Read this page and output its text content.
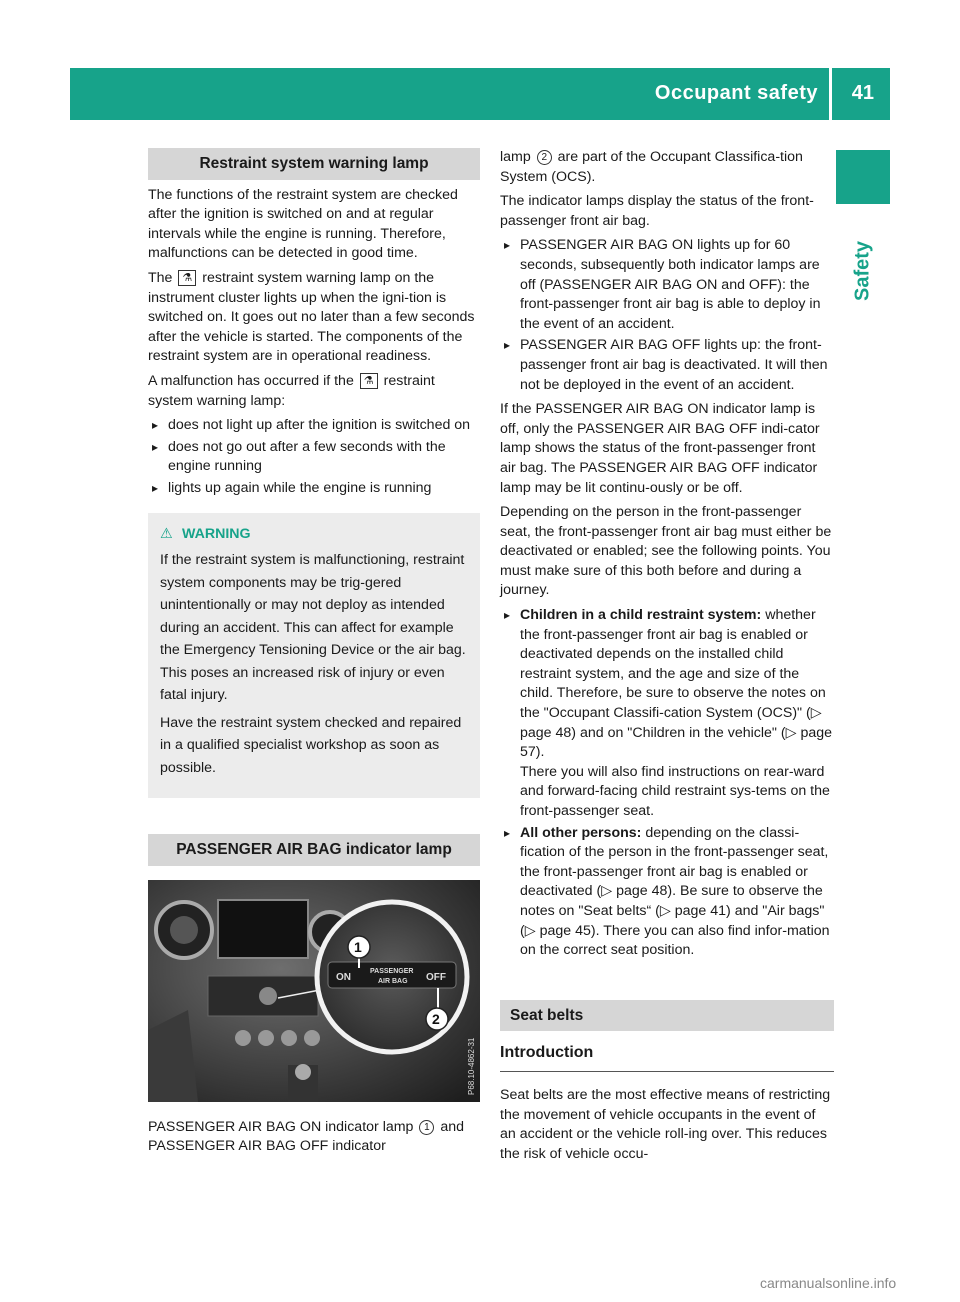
Occupant safety 41
Safety
Restraint system warning lamp

The functions of the restraint system are checked after the ignition is switched on and at regular intervals while the engine is running. Therefore, malfunctions can be detected in good time.

The ⚗ restraint system warning lamp on the instrument cluster lights up when the igni-tion is switched on. It goes out no later than a few seconds after the vehicle is started. The components of the restraint system are in operational readiness.

A malfunction has occurred if the ⚗ restraint system warning lamp:

▸ does not light up after the ignition is switched on
▸ does not go out after a few seconds with the engine running
▸ lights up again while the engine is running
⚠ WARNING

If the restraint system is malfunctioning, restraint system components may be trig-gered unintentionally or may not deploy as intended during an accident. This can affect for example the Emergency Tensioning Device or the air bag. This poses an increased risk of injury or even fatal injury.

Have the restraint system checked and repaired in a qualified specialist workshop as soon as possible.

PASSENGER AIR BAG indicator lamp
ON
PASSENGER
AIR BAG OFF
1
2
P68.10-4862-31

PASSENGER AIR BAG ON indicator lamp 1 and PASSENGER AIR BAG OFF indicator

lamp 2 are part of the Occupant Classifica-tion System (OCS).

The indicator lamps display the status of the front-passenger front air bag.

▸ PASSENGER AIR BAG ON lights up for 60 seconds, subsequently both indicator lamps are off (PASSENGER AIR BAG ON and OFF): the front-passenger front air bag is able to deploy in the event of an accident.
▸ PASSENGER AIR BAG OFF lights up: the front-passenger front air bag is deactivated. It will then not be deployed in the event of an accident.

If the PASSENGER AIR BAG ON indicator lamp is off, only the PASSENGER AIR BAG OFF indi-cator lamp shows the status of the front-passenger front air bag. The PASSENGER AIR BAG OFF indicator lamp may be lit continu-ously or be off.

Depending on the person in the front-passenger seat, the front-passenger front air bag must either be deactivated or enabled; see the following points. You must make sure of this both before and during a journey.

▸ Children in a child restraint system: whether the front-passenger front air bag is enabled or deactivated depends on the installed child restraint system, and the age and size of the child. Therefore, be sure to observe the notes on the "Occupant Classifi-cation System (OCS)" (▷ page 48) and on "Children in the vehicle" (▷ page 57).
There you will also find instructions on rear-ward and forward-facing child restraint sys-tems on the front-passenger seat.
▸ All other persons: depending on the classi-fication of the person in the front-passenger seat, the front-passenger front air bag is enabled or deactivated (▷ page 48). Be sure to observe the notes on "Seat belts“ (▷ page 41) and "Air bags" (▷ page 45). There you can also find infor-mation on the correct seat position.
Seat belts
Introduction

Seat belts are the most effective means of restricting the movement of vehicle occupants in the event of an accident or the vehicle roll-ing over. This reduces the risk of vehicle occu-

carmanualsonline.info
